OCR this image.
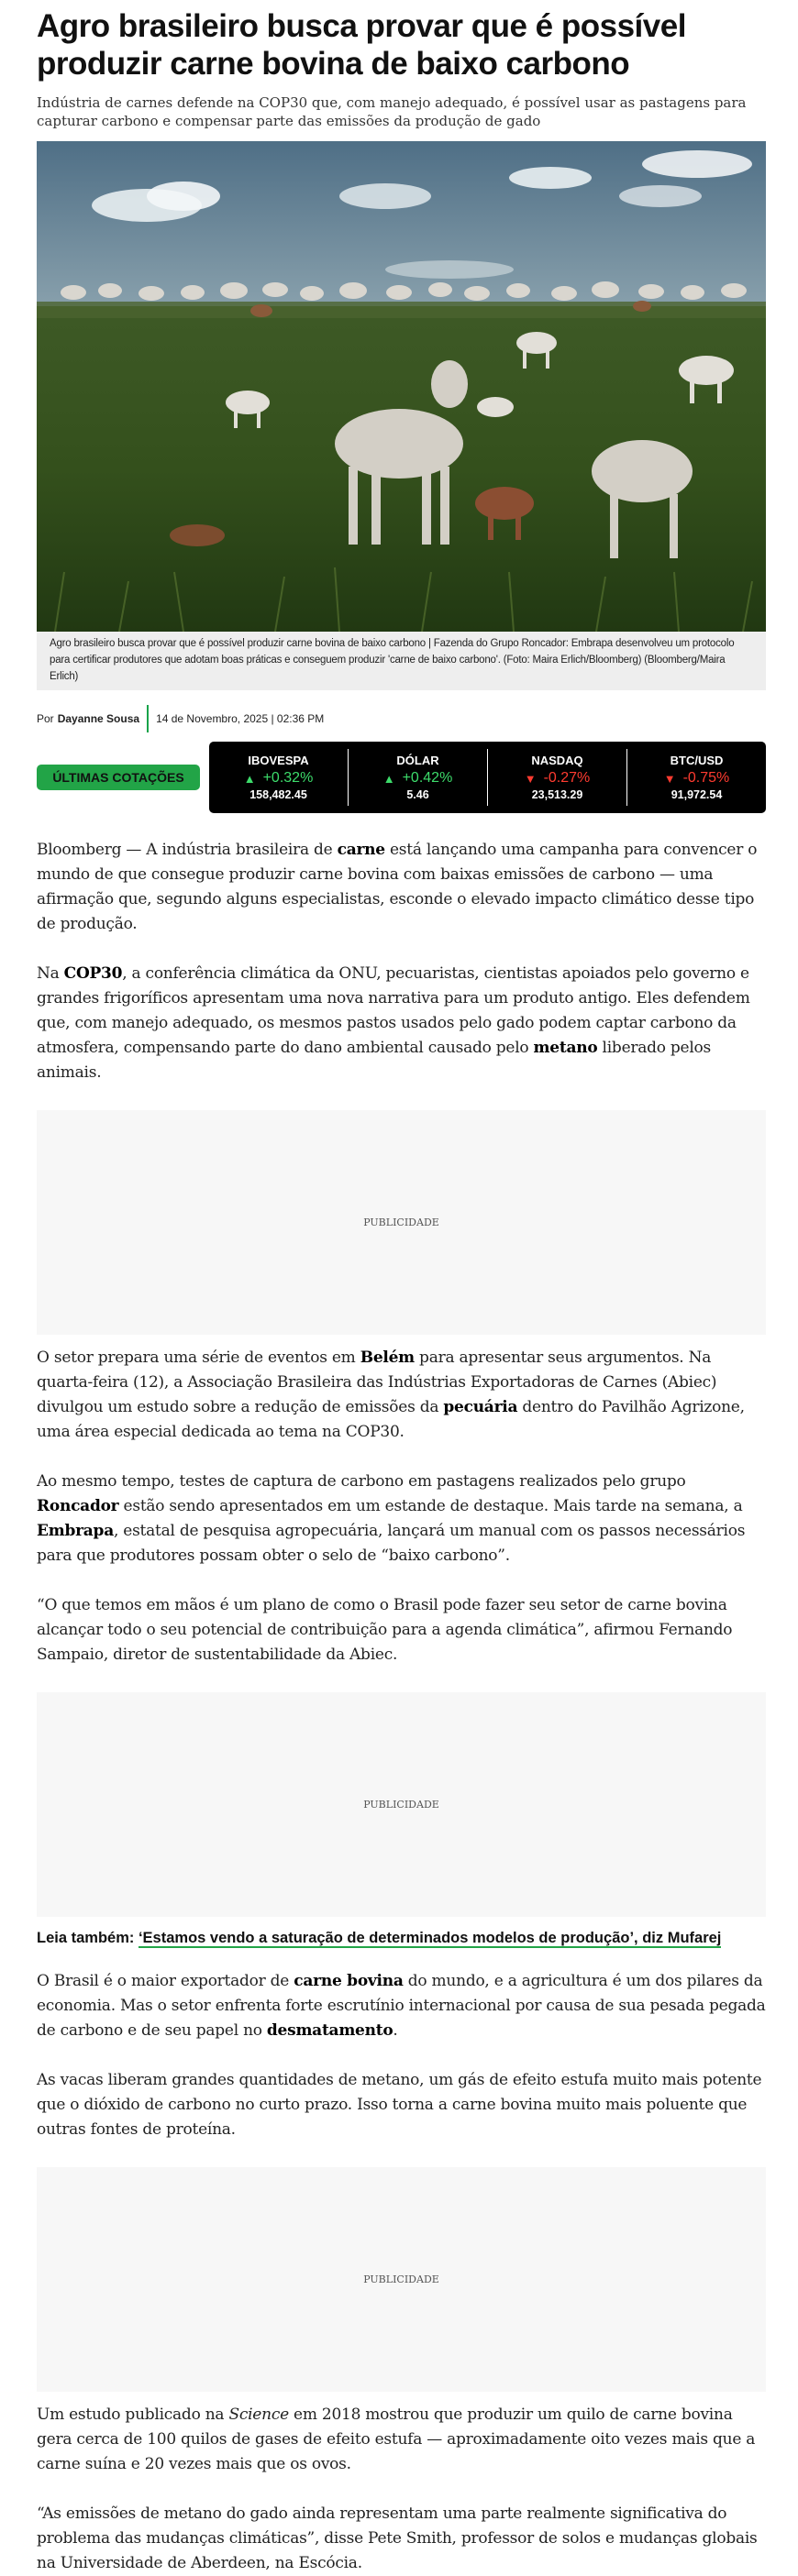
Agro brasileiro busca provar que é possível produzir carne bovina de baixo carbono

Indústria de carnes defende na COP30 que, com manejo adequado, é possível usar as pastagens para capturar carbono e compensar parte das emissões da produção de gado

Agro brasileiro busca provar que é possível produzir carne bovina de baixo carbono | Fazenda do Grupo Roncador: Embrapa desenvolveu um protocolo para certificar produtores que adotam boas práticas e conseguem produzir 'carne de baixo carbono'. (Foto: Maira Erlich/Bloomberg) (Bloomberg/Maira Erlich)
Por Dayanne Sousa 14 de Novembro, 2025 | 02:36 PM
ÚLTIMAS COTAÇÕES
IBOVESPA
▲ +0.32%
158,482.45
DÓLAR
▲ +0.42%
5.46
NASDAQ
▼ -0.27%
23,513.29
BTC/USD
▼ -0.75%
91,972.54

Bloomberg — A indústria brasileira de carne está lançando uma campanha para convencer o mundo de que consegue produzir carne bovina com baixas emissões de carbono — uma afirmação que, segundo alguns especialistas, esconde o elevado impacto climático desse tipo de produção.

Na COP30, a conferência climática da ONU, pecuaristas, cientistas apoiados pelo governo e grandes frigoríficos apresentam uma nova narrativa para um produto antigo. Eles defendem que, com manejo adequado, os mesmos pastos usados pelo gado podem captar carbono da atmosfera, compensando parte do dano ambiental causado pelo metano liberado pelos animais.

PUBLICIDADE

O setor prepara uma série de eventos em Belém para apresentar seus argumentos. Na quarta-feira (12), a Associação Brasileira das Indústrias Exportadoras de Carnes (Abiec) divulgou um estudo sobre a redução de emissões da pecuária dentro do Pavilhão Agrizone, uma área especial dedicada ao tema na COP30.

Ao mesmo tempo, testes de captura de carbono em pastagens realizados pelo grupo Roncador estão sendo apresentados em um estande de destaque. Mais tarde na semana, a Embrapa, estatal de pesquisa agropecuária, lançará um manual com os passos necessários para que produtores possam obter o selo de “baixo carbono”.

“O que temos em mãos é um plano de como o Brasil pode fazer seu setor de carne bovina alcançar todo o seu potencial de contribuição para a agenda climática”, afirmou Fernando Sampaio, diretor de sustentabilidade da Abiec.

PUBLICIDADE

Leia também: ‘Estamos vendo a saturação de determinados modelos de produção’, diz Mufarej

O Brasil é o maior exportador de carne bovina do mundo, e a agricultura é um dos pilares da economia. Mas o setor enfrenta forte escrutínio internacional por causa de sua pesada pegada de carbono e de seu papel no desmatamento.

As vacas liberam grandes quantidades de metano, um gás de efeito estufa muito mais potente que o dióxido de carbono no curto prazo. Isso torna a carne bovina muito mais poluente que outras fontes de proteína.

PUBLICIDADE

Um estudo publicado na Science em 2018 mostrou que produzir um quilo de carne bovina gera cerca de 100 quilos de gases de efeito estufa — aproximadamente oito vezes mais que a carne suína e 20 vezes mais que os ovos.

“As emissões de metano do gado ainda representam uma parte realmente significativa do problema das mudanças climáticas”, disse Pete Smith, professor de solos e mudanças globais na Universidade de Aberdeen, na Escócia.
